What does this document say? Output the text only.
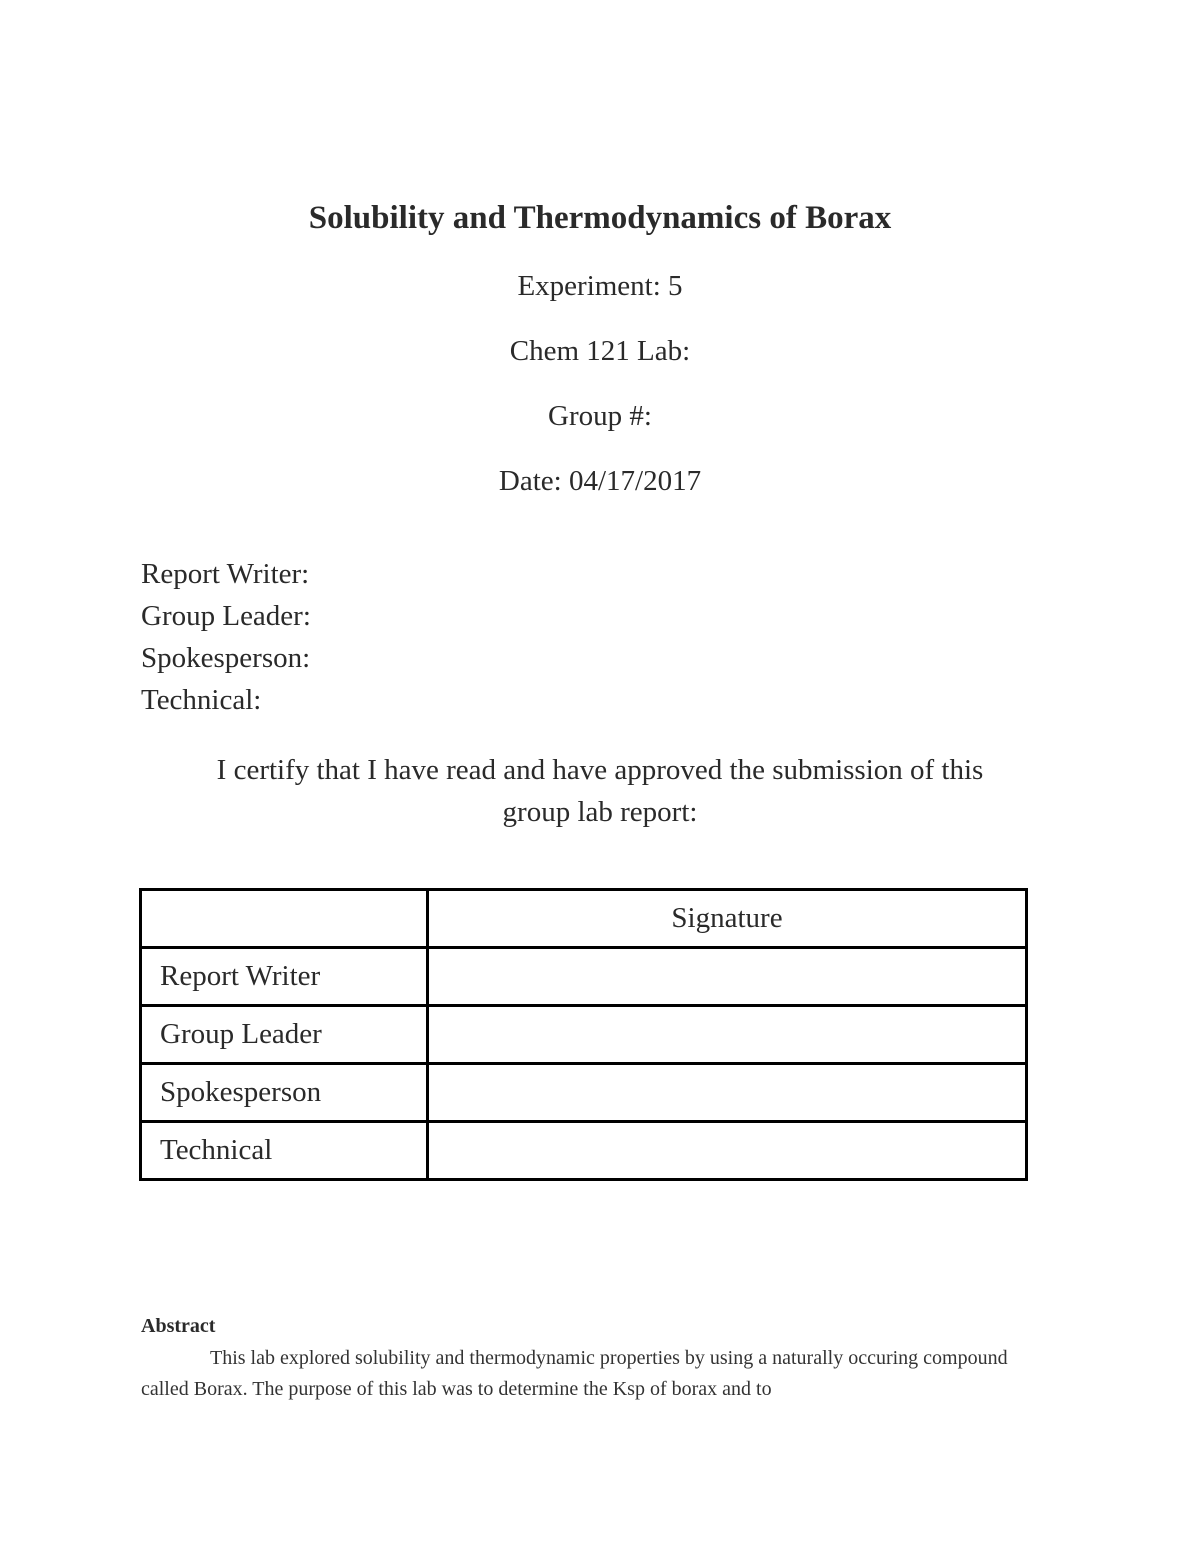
Solubility and Thermodynamics of Borax

Experiment: 5

Chem 121 Lab:

Group #:

Date: 04/17/2017

Report Writer:
Group Leader:
Spokesperson:
Technical:
I certify that I have read and have approved the submission of this
group lab report:
	Signature
Report Writer	
Group Leader	
Spokesperson	
Technical	

Abstract

This lab explored solubility and thermodynamic properties by using a naturally occuring compound called Borax. The purpose of this lab was to determine the Ksp of borax and to
